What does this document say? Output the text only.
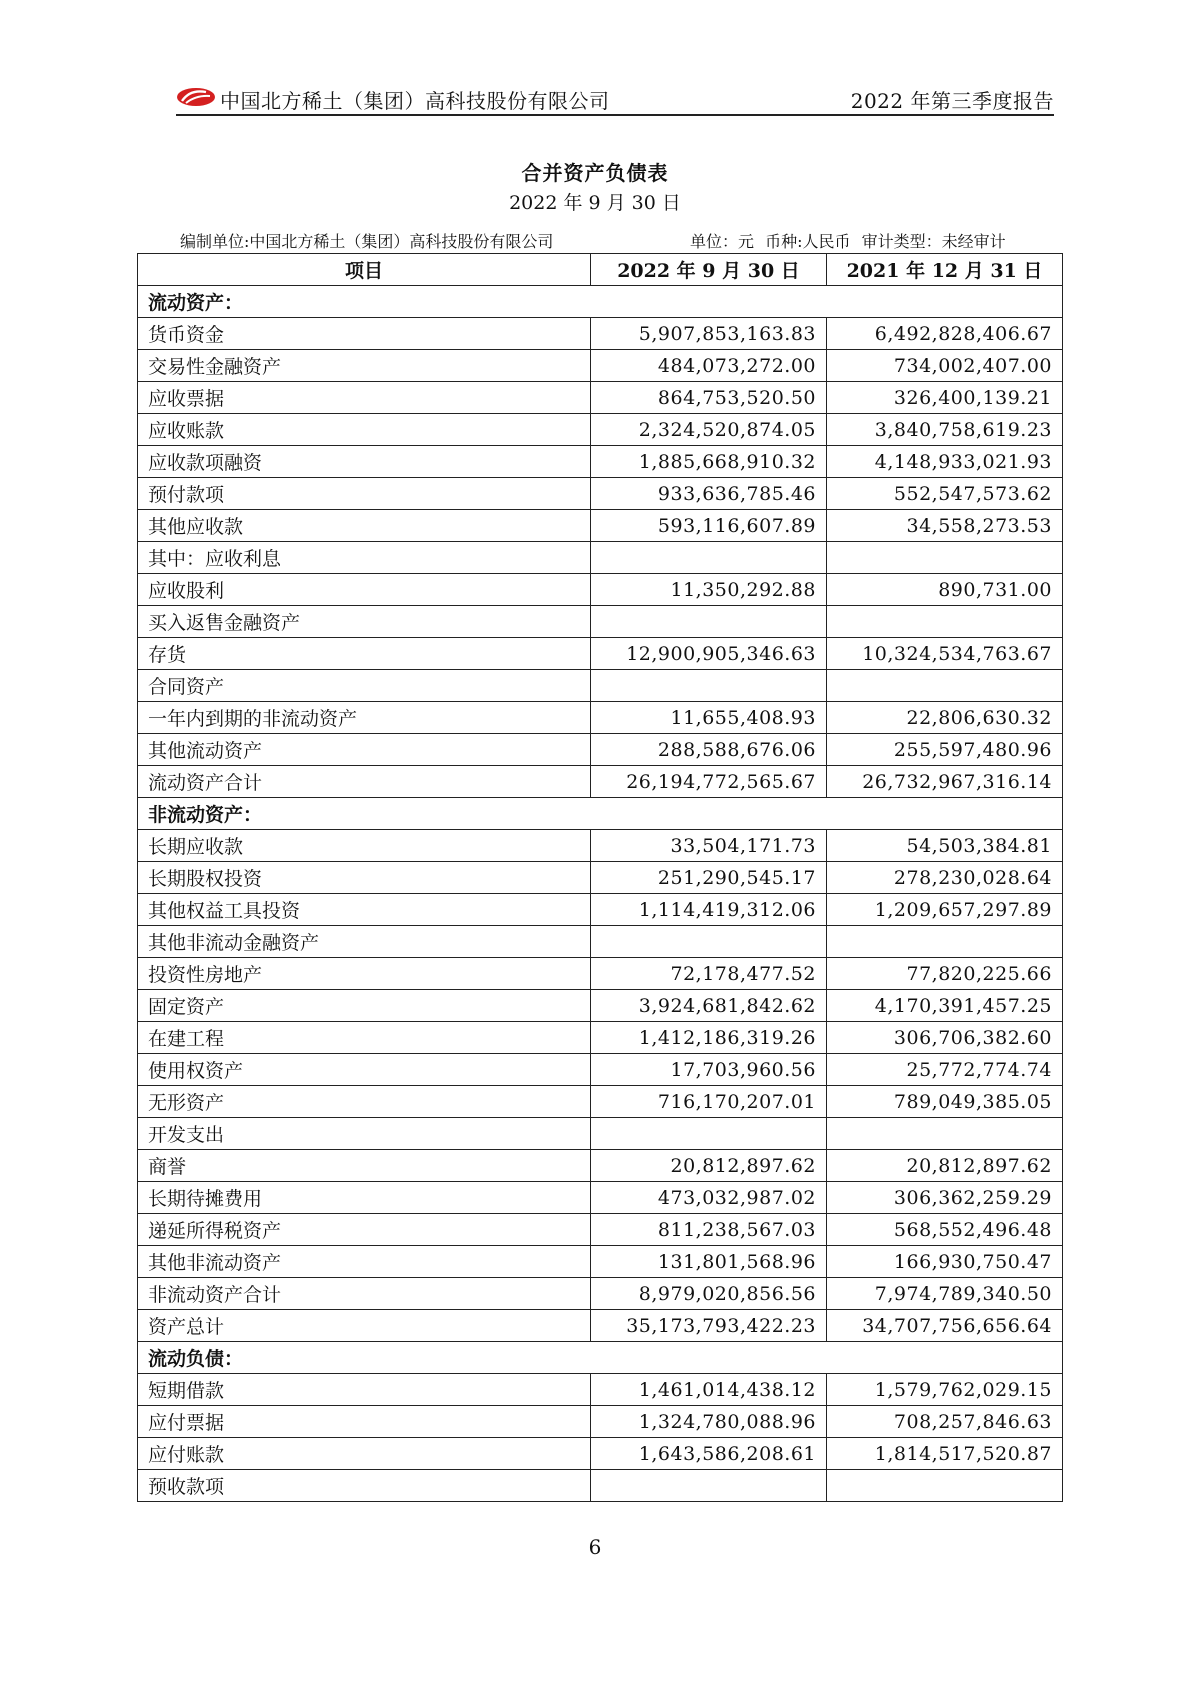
中国北方稀土（集团）高科技股份有限公司	2022 年第三季度报告
合并资产负债表
2022 年 9 月 30 日
编制单位:中国北方稀土（集团）高科技股份有限公司	单位：元 币种:人民币 审计类型：未经审计
项目	2022 年 9 月 30 日	2021 年 12 月 31 日
流动资产：		
货币资金	5,907,853,163.83	6,492,828,406.67
交易性金融资产	484,073,272.00	734,002,407.00
应收票据	864,753,520.50	326,400,139.21
应收账款	2,324,520,874.05	3,840,758,619.23
应收款项融资	1,885,668,910.32	4,148,933,021.93
预付款项	933,636,785.46	552,547,573.62
其他应收款	593,116,607.89	34,558,273.53
其中：应收利息		
应收股利	11,350,292.88	890,731.00
买入返售金融资产		
存货	12,900,905,346.63	10,324,534,763.67
合同资产		
一年内到期的非流动资产	11,655,408.93	22,806,630.32
其他流动资产	288,588,676.06	255,597,480.96
流动资产合计	26,194,772,565.67	26,732,967,316.14
非流动资产：		
长期应收款	33,504,171.73	54,503,384.81
长期股权投资	251,290,545.17	278,230,028.64
其他权益工具投资	1,114,419,312.06	1,209,657,297.89
其他非流动金融资产		
投资性房地产	72,178,477.52	77,820,225.66
固定资产	3,924,681,842.62	4,170,391,457.25
在建工程	1,412,186,319.26	306,706,382.60
使用权资产	17,703,960.56	25,772,774.74
无形资产	716,170,207.01	789,049,385.05
开发支出		
商誉	20,812,897.62	20,812,897.62
长期待摊费用	473,032,987.02	306,362,259.29
递延所得税资产	811,238,567.03	568,552,496.48
其他非流动资产	131,801,568.96	166,930,750.47
非流动资产合计	8,979,020,856.56	7,974,789,340.50
资产总计	35,173,793,422.23	34,707,756,656.64
流动负债：		
短期借款	1,461,014,438.12	1,579,762,029.15
应付票据	1,324,780,088.96	708,257,846.63
应付账款	1,643,586,208.61	1,814,517,520.87
预收款项		
6
